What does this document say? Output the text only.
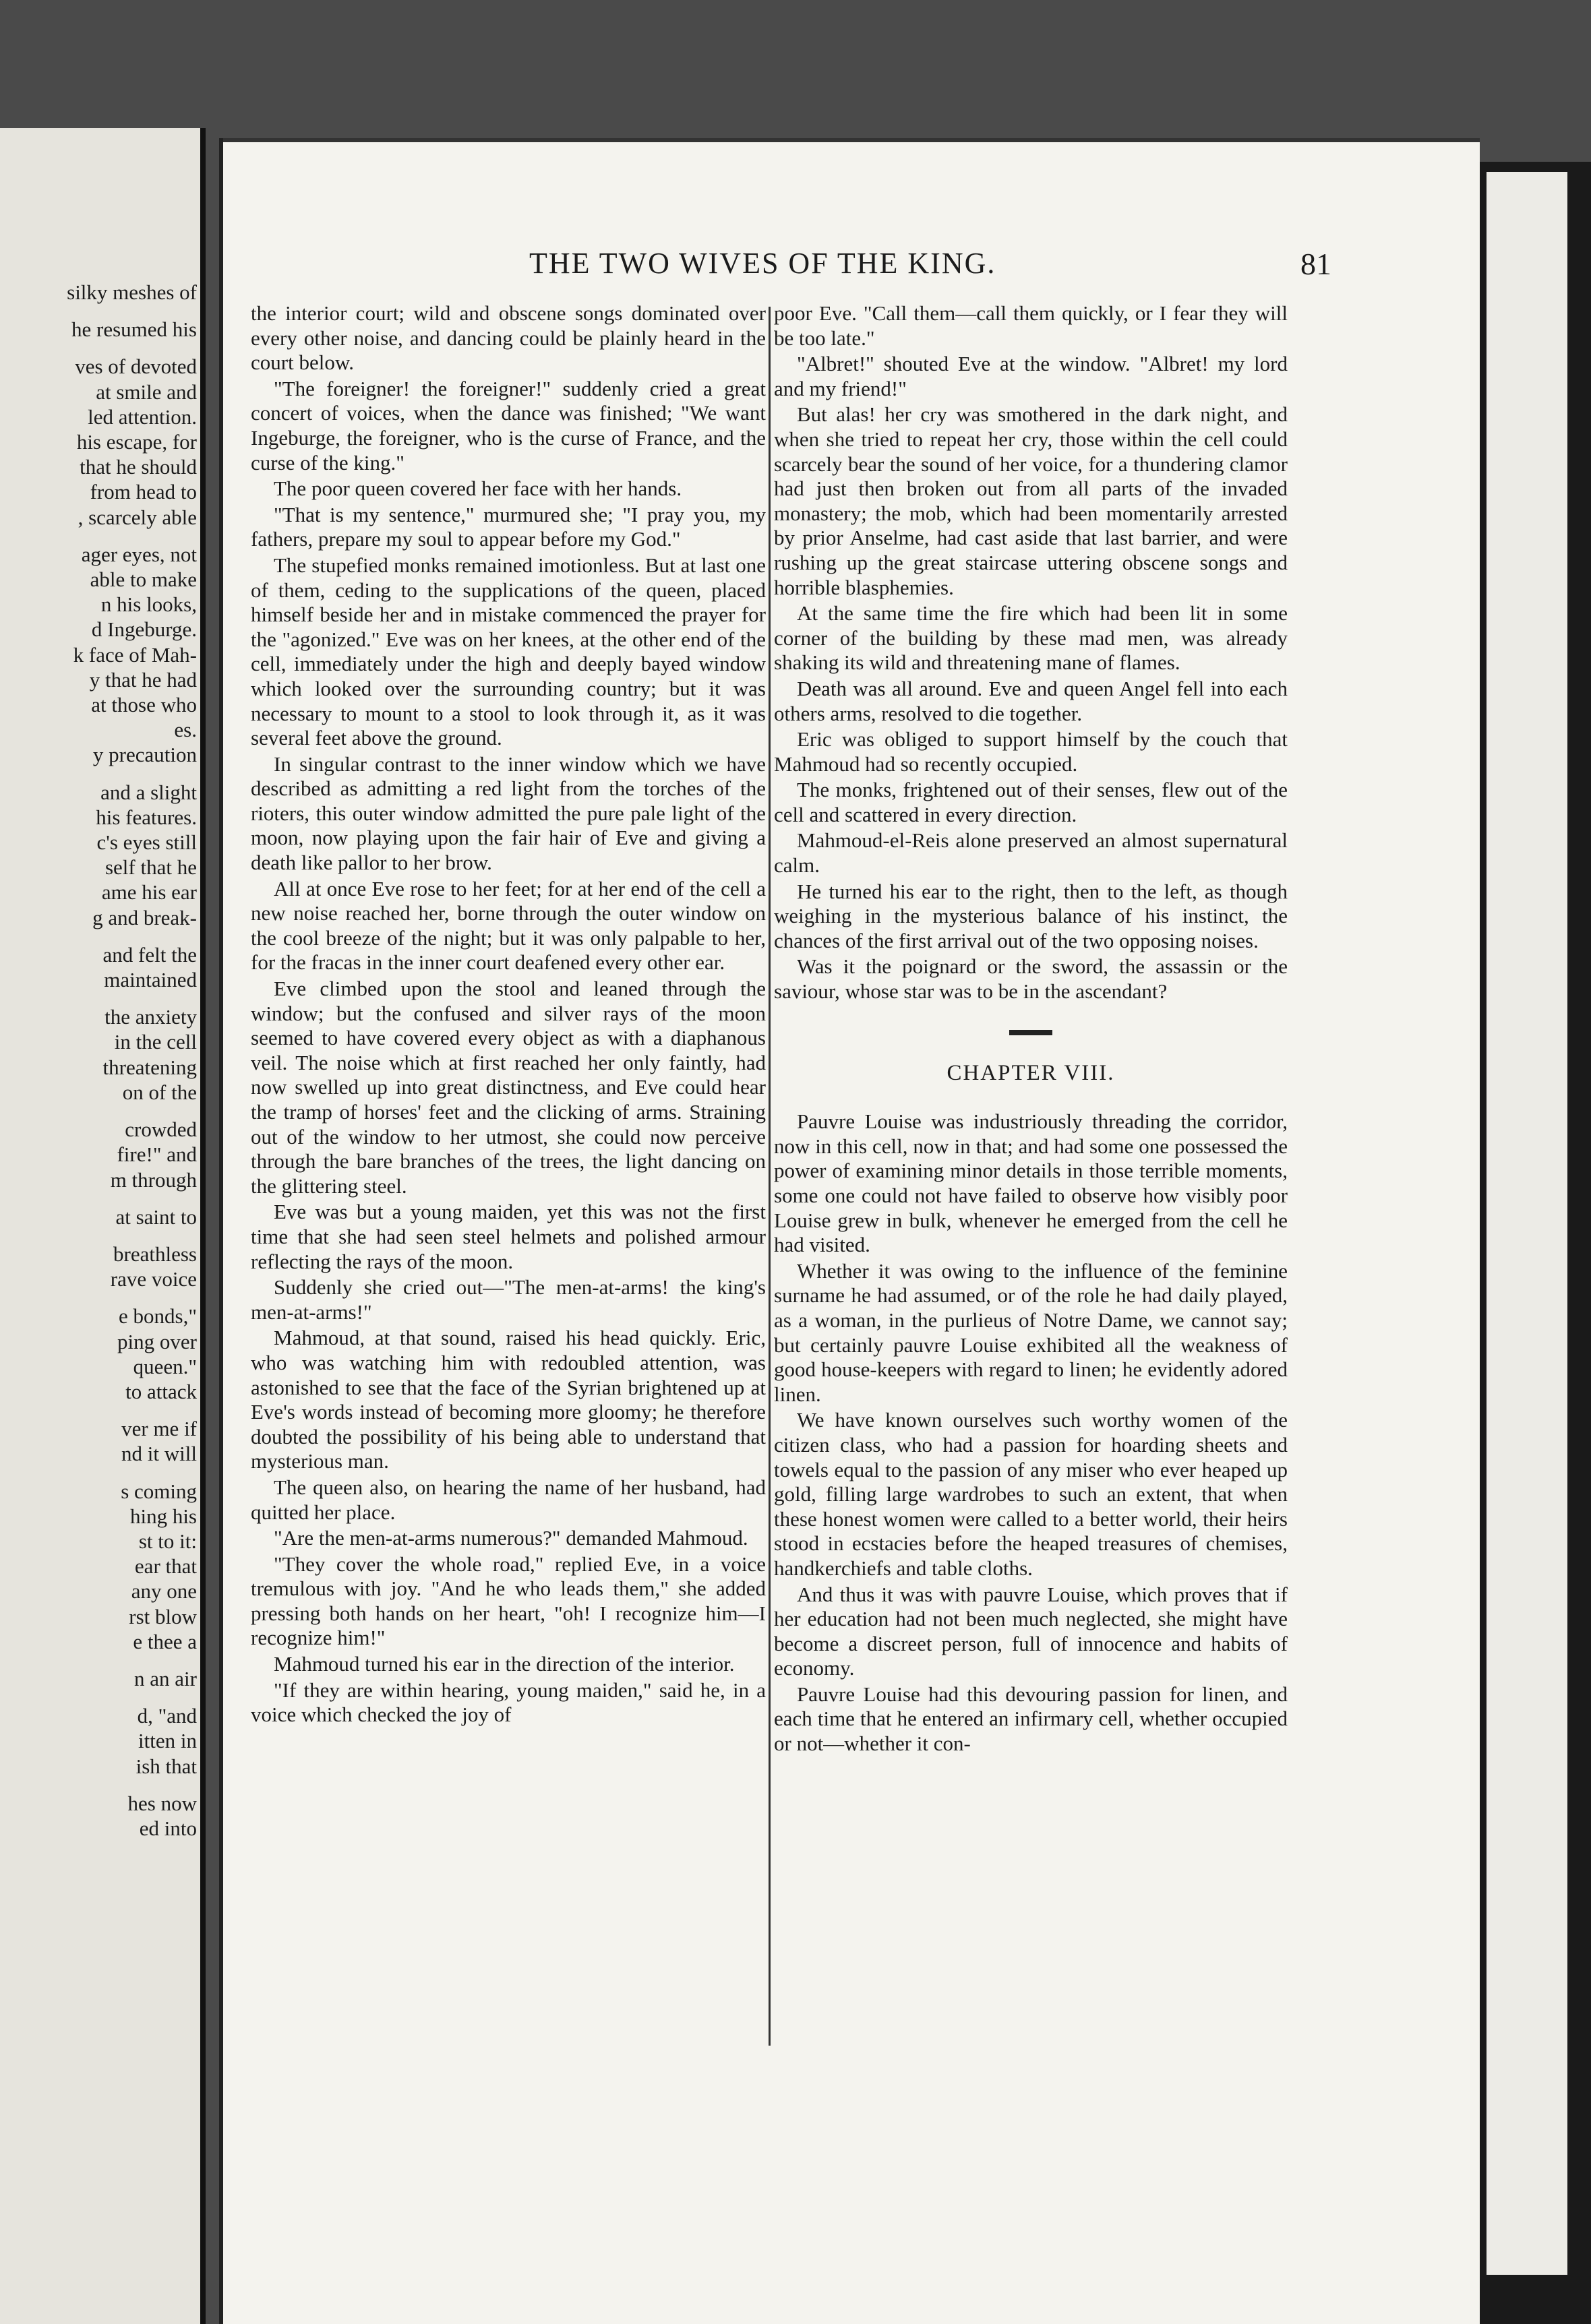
silky meshes of

he resumed his

ves of devoted

at smile and

led attention.

his escape, for

that he should

from head to

, scarcely able

ager eyes, not

able to make

n his looks,

d Ingeburge.

k face of Mah-

y that he had

at those who

es.

y precaution

and a slight

his features.

c's eyes still

self that he

ame his ear

g and break-

and felt the

maintained

the anxiety

in the cell

threatening

on of the

crowded

fire!" and

m through

at saint to

breathless

rave voice

e bonds,"

ping over

queen."

to attack

ver me if

nd it will

s coming

hing his

st to it:

ear that

any one

rst blow

e thee a

n an air

d, "and

itten in

ish that

hes now

ed into

THE TWO WIVES OF THE KING.	81

the interior court; wild and obscene songs dominated over every other noise, and dancing could be plainly heard in the court below.

"The foreigner! the foreigner!" suddenly cried a great concert of voices, when the dance was finished; "We want Ingeburge, the foreigner, who is the curse of France, and the curse of the king."

The poor queen covered her face with her hands.

"That is my sentence," murmured she; "I pray you, my fathers, prepare my soul to appear before my God."

The stupefied monks remained imotionless. But at last one of them, ceding to the supplications of the queen, placed himself beside her and in mistake commenced the prayer for the "agonized." Eve was on her knees, at the other end of the cell, immediately under the high and deeply bayed window which looked over the surrounding country; but it was necessary to mount to a stool to look through it, as it was several feet above the ground.

In singular contrast to the inner window which we have described as admitting a red light from the torches of the rioters, this outer window admitted the pure pale light of the moon, now playing upon the fair hair of Eve and giving a death like pallor to her brow.

All at once Eve rose to her feet; for at her end of the cell a new noise reached her, borne through the outer window on the cool breeze of the night; but it was only palpable to her, for the fracas in the inner court deafened every other ear.

Eve climbed upon the stool and leaned through the window; but the confused and silver rays of the moon seemed to have covered every object as with a diaphanous veil. The noise which at first reached her only faintly, had now swelled up into great distinctness, and Eve could hear the tramp of horses' feet and the clicking of arms. Straining out of the window to her utmost, she could now perceive through the bare branches of the trees, the light dancing on the glittering steel.

Eve was but a young maiden, yet this was not the first time that she had seen steel helmets and polished armour reflecting the rays of the moon.

Suddenly she cried out—"The men-at-arms! the king's men-at-arms!"

Mahmoud, at that sound, raised his head quickly. Eric, who was watching him with redoubled attention, was astonished to see that the face of the Syrian brightened up at Eve's words instead of becoming more gloomy; he therefore doubted the possibility of his being able to understand that mysterious man.

The queen also, on hearing the name of her husband, had quitted her place.

"Are the men-at-arms numerous?" demanded Mahmoud.

"They cover the whole road," replied Eve, in a voice tremulous with joy. "And he who leads them," she added pressing both hands on her heart, "oh! I recognize him—I recognize him!"

Mahmoud turned his ear in the direction of the interior.

"If they are within hearing, young maiden," said he, in a voice which checked the joy of

poor Eve. "Call them—call them quickly, or I fear they will be too late."

"Albret!" shouted Eve at the window. "Albret! my lord and my friend!"

But alas! her cry was smothered in the dark night, and when she tried to repeat her cry, those within the cell could scarcely bear the sound of her voice, for a thundering clamor had just then broken out from all parts of the invaded monastery; the mob, which had been momentarily arrested by prior Anselme, had cast aside that last barrier, and were rushing up the great staircase uttering obscene songs and horrible blasphemies.

At the same time the fire which had been lit in some corner of the building by these mad men, was already shaking its wild and threatening mane of flames.

Death was all around. Eve and queen Angel fell into each others arms, resolved to die together.

Eric was obliged to support himself by the couch that Mahmoud had so recently occupied.

The monks, frightened out of their senses, flew out of the cell and scattered in every direction.

Mahmoud-el-Reis alone preserved an almost supernatural calm.

He turned his ear to the right, then to the left, as though weighing in the mysterious balance of his instinct, the chances of the first arrival out of the two opposing noises.

Was it the poignard or the sword, the assassin or the saviour, whose star was to be in the ascendant?

CHAPTER VIII.

Pauvre Louise was industriously threading the corridor, now in this cell, now in that; and had some one possessed the power of examining minor details in those terrible moments, some one could not have failed to observe how visibly poor Louise grew in bulk, whenever he emerged from the cell he had visited.

Whether it was owing to the influence of the feminine surname he had assumed, or of the role he had daily played, as a woman, in the purlieus of Notre Dame, we cannot say; but certainly pauvre Louise exhibited all the weakness of good house-keepers with regard to linen; he evidently adored linen.

We have known ourselves such worthy women of the citizen class, who had a passion for hoarding sheets and towels equal to the passion of any miser who ever heaped up gold, filling large wardrobes to such an extent, that when these honest women were called to a better world, their heirs stood in ecstacies before the heaped treasures of chemises, handkerchiefs and table cloths.

And thus it was with pauvre Louise, which proves that if her education had not been much neglected, she might have become a discreet person, full of innocence and habits of economy.

Pauvre Louise had this devouring passion for linen, and each time that he entered an infirmary cell, whether occupied or not—whether it con-
